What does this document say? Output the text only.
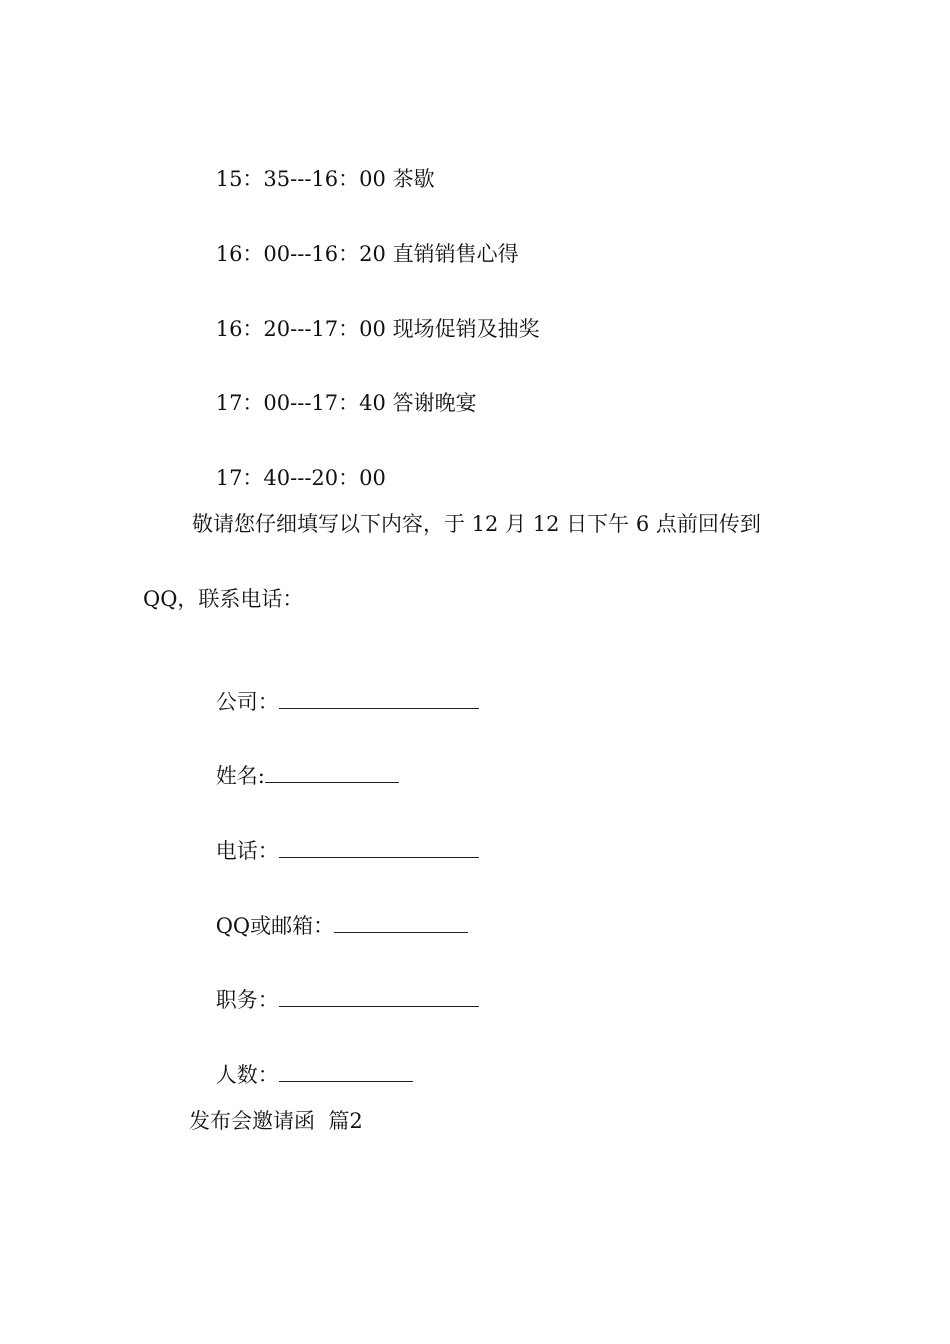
15：35---16：00 茶歇

16：00---16：20 直销销售心得

16：20---17：00 现场促销及抽奖

17：00---17：40 答谢晚宴

17：40---20：00

敬请您仔细填写以下内容，于 12 月 12 日下午 6 点前回传到
QQ，联系电话：

公司：

姓名:

电话：

QQ或邮箱：

职务：

人数：

发布会邀请函  篇2
